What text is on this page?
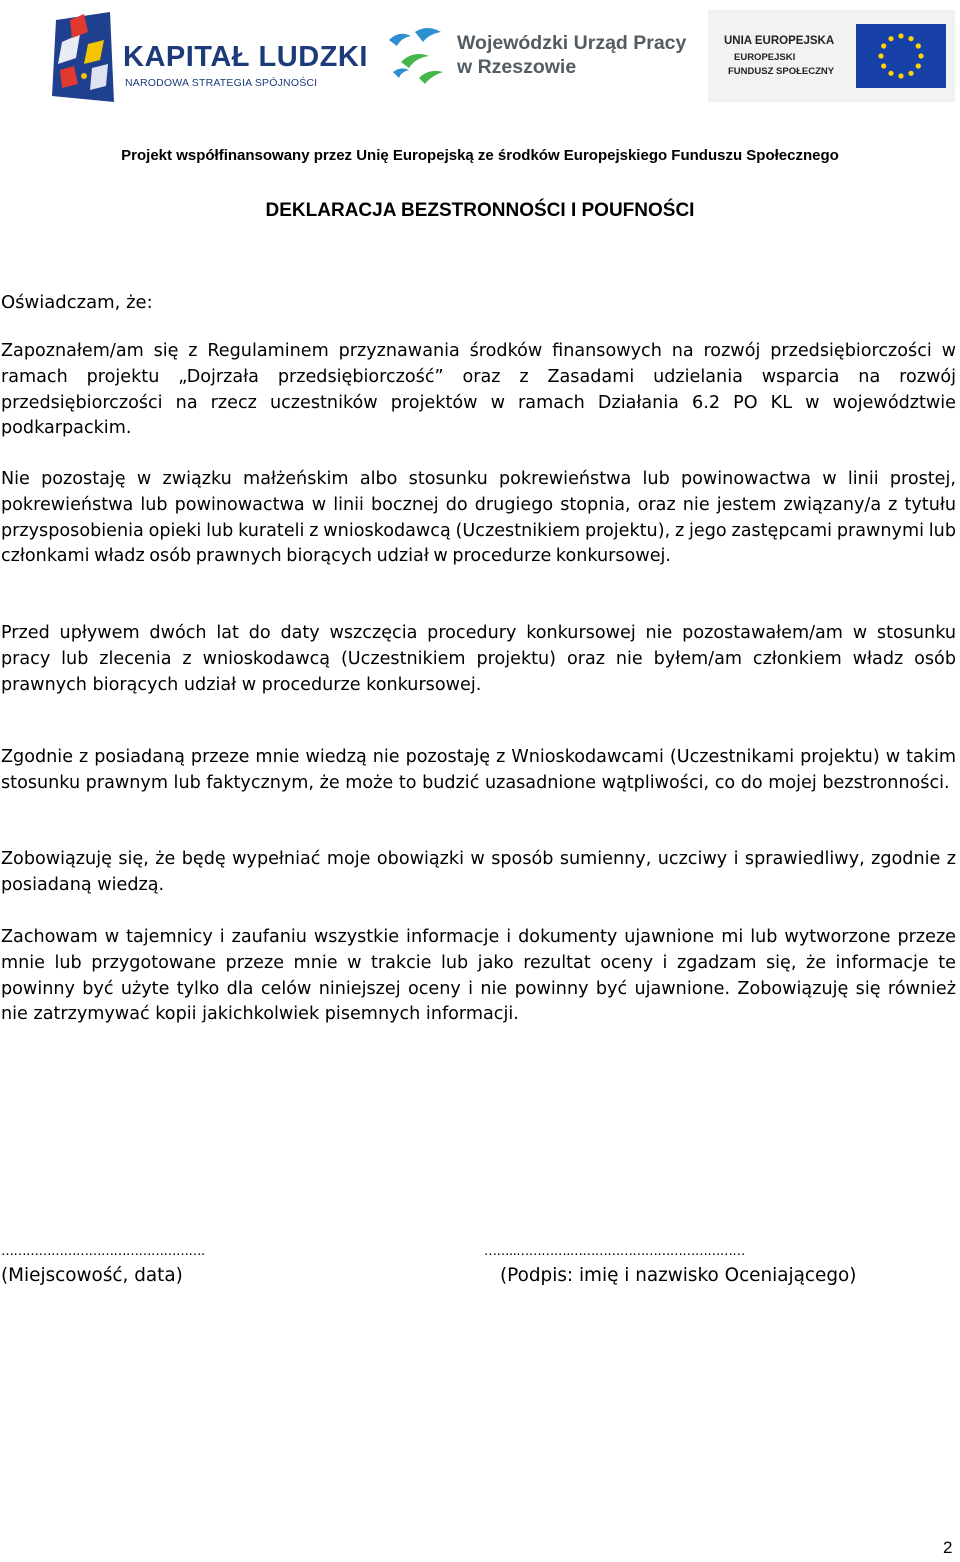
KAPITAŁ LUDZKI
NARODOWA STRATEGIA SPÓJNOŚCI
Wojewódzki Urząd Pracy
w Rzeszowie
UNIA EUROPEJSKA
EUROPEJSKI
FUNDUSZ SPOŁECZNY
Projekt współfinansowany przez Unię Europejską ze środków Europejskiego Funduszu Społecznego
DEKLARACJA BEZSTRONNOŚCI I POUFNOŚCI
Oświadczam, że:

Zapoznałem/am się z Regulaminem przyznawania środków finansowych na rozwój przedsiębiorczości w ramach projektu „Dojrzała przedsiębiorczość” oraz z Zasadami udzielania wsparcia na rozwój przedsiębiorczości na rzecz uczestników projektów w ramach Działania 6.2 PO KL w województwie podkarpackim.

Nie pozostaję w związku małżeńskim albo stosunku pokrewieństwa lub powinowactwa w linii prostej, pokrewieństwa lub powinowactwa w linii bocznej do drugiego stopnia, oraz nie jestem związany/a z tytułu przysposobienia opieki lub kurateli z wnioskodawcą (Uczestnikiem projektu), z jego zastępcami prawnymi lub członkami władz osób prawnych biorących udział w procedurze konkursowej.

Przed upływem dwóch lat do daty wszczęcia procedury konkursowej nie pozostawałem/am w stosunku pracy lub zlecenia z wnioskodawcą (Uczestnikiem projektu) oraz nie byłem/am członkiem władz osób prawnych biorących udział w procedurze konkursowej.

Zgodnie z posiadaną przeze mnie wiedzą nie pozostaję z Wnioskodawcami (Uczestnikami projektu) w takim stosunku prawnym lub faktycznym, że może to budzić uzasadnione wątpliwości, co do mojej bezstronności.

Zobowiązuję się, że będę wypełniać moje obowiązki w sposób sumienny, uczciwy i sprawiedliwy, zgodnie z posiadaną wiedzą.

Zachowam w tajemnicy i zaufaniu wszystkie informacje i dokumenty ujawnione mi lub wytworzone przeze mnie lub przygotowane przeze mnie w trakcie lub jako rezultat oceny i zgadzam się, że informacje te powinny być użyte tylko dla celów niniejszej oceny i nie powinny być ujawnione. Zobowiązuję się również nie zatrzymywać kopii jakichkolwiek pisemnych informacji.

………………………………………….	……..………….……………………………………
(Miejscowość, data)	(Podpis: imię i nazwisko Oceniającego)
2
